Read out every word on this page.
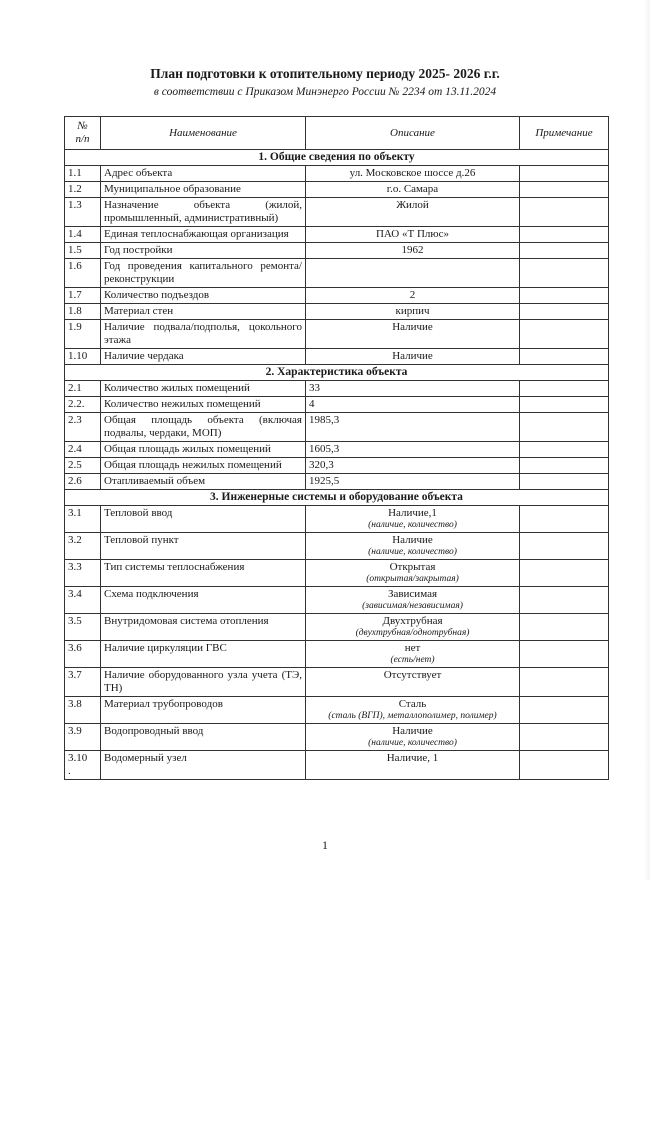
План подготовки к отопительному периоду 2025- 2026 г.г.
в соответствии с Приказом Минэнерго России № 2234 от 13.11.2024
№
п/п	Наименование	Описание	Примечание
1. Общие сведения по объекту			
1.1	Адрес объекта	ул. Московское шоссе д.26	
1.2	Муниципальное образование	г.о. Самара	
1.3	Назначение объекта (жилой, промышленный, административный)	Жилой	
1.4	Единая теплоснабжающая организация	ПАО «Т Плюс»	
1.5	Год постройки	1962	
1.6	Год проведения капитального ремонта/реконструкции		
1.7	Количество подъездов	2	
1.8	Материал стен	кирпич	
1.9	Наличие подвала/подполья, цокольного этажа	Наличие	
1.10	Наличие чердака	Наличие	
2. Характеристика объекта			
2.1	Количество жилых помещений	33	
2.2.	Количество нежилых помещений	4	
2.3	Общая площадь объекта (включая подвалы, чердаки, МОП)	1985,3	
2.4	Общая площадь жилых помещений	1605,3	
2.5	Общая площадь нежилых помещений	320,3	
2.6	Отапливаемый объем	1925,5	
3. Инженерные системы и оборудование объекта			
3.1	Тепловой ввод	Наличие,1
(наличие, количество)	

3.2	Тепловой пункт	Наличие
(наличие, количество)	

3.3	Тип системы теплоснабжения	Открытая
(открытая/закрытая)	

3.4	Схема подключения	Зависимая
(зависимая/независимая)	

3.5	Внутридомовая система отопления	Двухтрубная
(двухтрубная/однотрубная)	

3.6	Наличие циркуляции ГВС	нет
(есть/нет)	

3.7	Наличие оборудованного узла учета (ТЭ, ТН)	Отсутствует	
3.8	Материал трубопроводов	Сталь
(сталь (ВГП), металлополимер, полимер)	

3.9	Водопроводный ввод	Наличие
(наличие, количество)	

3.10
.	Водомерный узел	Наличие, 1	
1
